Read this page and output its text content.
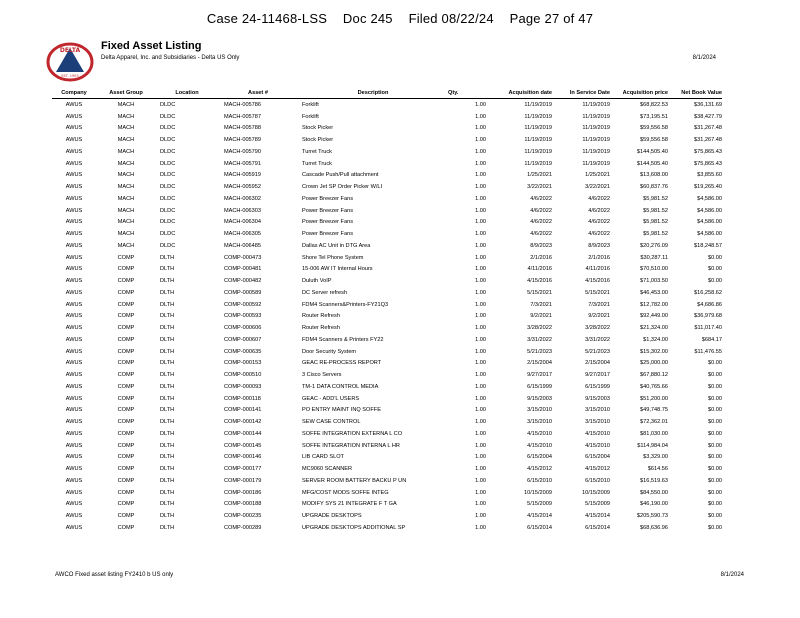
Case 24-11468-LSS Doc 245 Filed 08/22/24 Page 27 of 47
DELTA
EST. 1903
Fixed Asset Listing
Delta Apparel, Inc. and Subsidiaries - Delta US Only	8/1/2024
Company	Asset Group	Location	Asset #	Description	Qty.	Acquisition date	In Service Date	Acquisition price	Net Book Value
AWUS	MACH	DLDC	MACH-005786	Forklift	1.00	11/19/2019	11/19/2019	$68,822.53	$36,131.69
AWUS	MACH	DLDC	MACH-005787	Forklift	1.00	11/19/2019	11/19/2019	$73,195.51	$38,427.79
AWUS	MACH	DLDC	MACH-005788	Stock Picker	1.00	11/19/2019	11/19/2019	$59,556.58	$31,267.48
AWUS	MACH	DLDC	MACH-005789	Stock Picker	1.00	11/19/2019	11/19/2019	$59,556.58	$31,267.48
AWUS	MACH	DLDC	MACH-005790	Turret Truck	1.00	11/19/2019	11/19/2019	$144,505.40	$75,865.43
AWUS	MACH	DLDC	MACH-005791	Turret Truck	1.00	11/19/2019	11/19/2019	$144,505.40	$75,865.43
AWUS	MACH	DLDC	MACH-005919	Cascade Push/Pull attachment	1.00	1/25/2021	1/25/2021	$13,608.00	$3,855.60
AWUS	MACH	DLDC	MACH-005952	Crown Jet SP Order Picker W/LI	1.00	3/22/2021	3/22/2021	$60,837.76	$19,265.40
AWUS	MACH	DLDC	MACH-006302	Power Breezer Fans	1.00	4/6/2022	4/6/2022	$5,981.52	$4,586.00
AWUS	MACH	DLDC	MACH-006303	Power Breezer Fans	1.00	4/6/2022	4/6/2022	$5,981.52	$4,586.00
AWUS	MACH	DLDC	MACH-006304	Power Breezer Fans	1.00	4/6/2022	4/6/2022	$5,981.52	$4,586.00
AWUS	MACH	DLDC	MACH-006305	Power Breezer Fans	1.00	4/6/2022	4/6/2022	$5,981.52	$4,586.00
AWUS	MACH	DLDC	MACH-006485	Dallas AC Unit in DTG Area	1.00	8/9/2023	8/9/2023	$20,276.09	$18,248.57
AWUS	COMP	DLTH	COMP-000473	Shore Tel Phone System	1.00	2/1/2016	2/1/2016	$30,287.11	$0.00
AWUS	COMP	DLTH	COMP-000481	15-006 AW IT Internal Hours	1.00	4/11/2016	4/11/2016	$70,510.00	$0.00
AWUS	COMP	DLTH	COMP-000482	Duluth VoIP	1.00	4/15/2016	4/15/2016	$71,003.50	$0.00
AWUS	COMP	DLTH	COMP-000589	DC Server refresh	1.00	5/15/2021	5/15/2021	$46,453.00	$16,258.62
AWUS	COMP	DLTH	COMP-000592	FDM4 Scanners&Printers-FY21Q3	1.00	7/3/2021	7/3/2021	$12,782.00	$4,686.86
AWUS	COMP	DLTH	COMP-000593	Router Refresh	1.00	9/2/2021	9/2/2021	$92,449.00	$36,979.68
AWUS	COMP	DLTH	COMP-000606	Router Refresh	1.00	3/28/2022	3/28/2022	$21,324.00	$11,017.40
AWUS	COMP	DLTH	COMP-000607	FDM4 Scanners & Printers FY22	1.00	3/31/2022	3/31/2022	$1,324.00	$684.17
AWUS	COMP	DLTH	COMP-000635	Door Security System	1.00	5/21/2023	5/21/2023	$15,302.00	$11,476.55
AWUS	COMP	DLTH	COMP-000153	GEAC RE-PROCESS REPORT	1.00	2/15/2004	2/15/2004	$25,000.00	$0.00
AWUS	COMP	DLTH	COMP-000510	3 Cisco Servers	1.00	9/27/2017	9/27/2017	$67,880.12	$0.00
AWUS	COMP	DLTH	COMP-000093	TM-1 DATA CONTROL MEDIA	1.00	6/15/1999	6/15/1999	$40,765.66	$0.00
AWUS	COMP	DLTH	COMP-000118	GEAC - ADD'L USERS	1.00	9/15/2003	9/15/2003	$51,200.00	$0.00
AWUS	COMP	DLTH	COMP-000141	PO ENTRY MAINT INQ SOFFE	1.00	3/15/2010	3/15/2010	$49,748.75	$0.00
AWUS	COMP	DLTH	COMP-000142	SEW CASE CONTROL	1.00	3/15/2010	3/15/2010	$72,362.01	$0.00
AWUS	COMP	DLTH	COMP-000144	SOFFE INTEGRATION EXTERNA L CO	1.00	4/15/2010	4/15/2010	$81,030.00	$0.00
AWUS	COMP	DLTH	COMP-000145	SOFFE INTEGRATION INTERNA L HR	1.00	4/15/2010	4/15/2010	$114,984.04	$0.00
AWUS	COMP	DLTH	COMP-000146	LIB CARD SLOT	1.00	6/15/2004	6/15/2004	$3,329.00	$0.00
AWUS	COMP	DLTH	COMP-000177	MC9060 SCANNER	1.00	4/15/2012	4/15/2012	$614.56	$0.00
AWUS	COMP	DLTH	COMP-000179	SERVER ROOM BATTERY BACKU P UN	1.00	6/15/2010	6/15/2010	$16,519.63	$0.00
AWUS	COMP	DLTH	COMP-000186	MFG/COST MODS SOFFE INTEG	1.00	10/15/2009	10/15/2009	$84,550.00	$0.00
AWUS	COMP	DLTH	COMP-000188	MODIFY SYS 21 INTEGRATE F T GA	1.00	5/15/2009	5/15/2009	$46,190.00	$0.00
AWUS	COMP	DLTH	COMP-000235	UPGRADE DESKTOPS	1.00	4/15/2014	4/15/2014	$205,590.73	$0.00
AWUS	COMP	DLTH	COMP-000289	UPGRADE DESKTOPS ADDITIONAL SP	1.00	6/15/2014	6/15/2014	$68,636.96	$0.00
AWCO Fixed asset listing FY2410 b US only	8/1/2024
